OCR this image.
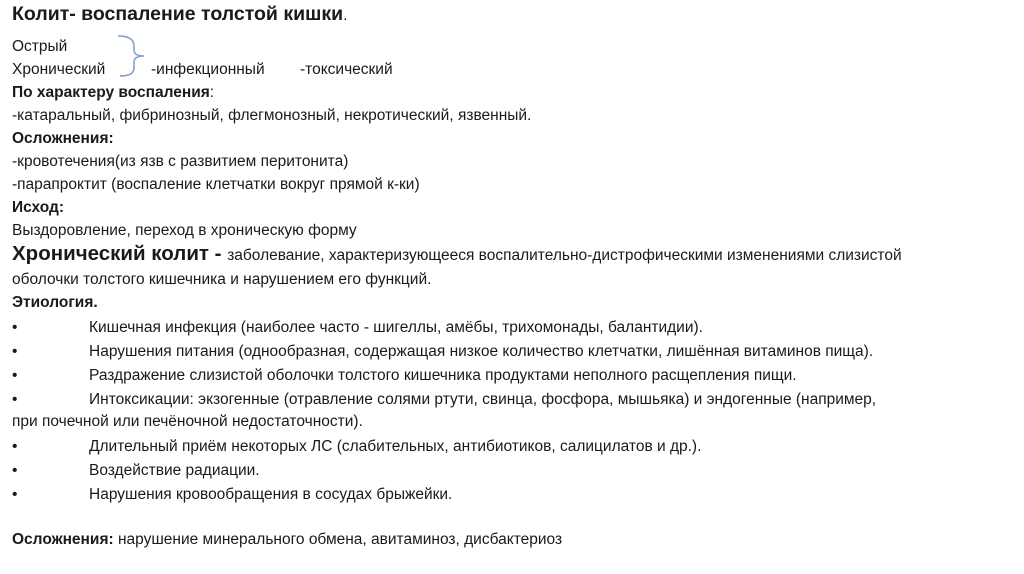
Колит- воспаление толстой кишки.
Острый
Хронический	-инфекционный -токсический
По характеру воспаления:
-катаральный, фибринозный, флегмонозный, некротический, язвенный.
Осложнения:
-кровотечения(из язв с развитием перитонита)
-парапроктит (воспаление клетчатки вокруг прямой к-ки)
Исход:
Выздоровление, переход в хроническую форму
Хронический колит - заболевание, характеризующееся воспалительно-дистрофическими изменениями слизистой
оболочки толстого кишечника и нарушением его функций.
Этиология.
•	Кишечная инфекция (наиболее часто - шигеллы, амёбы, трихомонады, балантидии).
•	Нарушения питания (однообразная, содержащая низкое количество клетчатки, лишённая витаминов пища).
•	Раздражение слизистой оболочки толстого кишечника продуктами неполного расщепления пищи.
•	Интоксикации: экзогенные (отравление солями ртути, свинца, фосфора, мышьяка) и эндогенные (например,
при почечной или печёночной недостаточности).
•	Длительный приём некоторых ЛС (слабительных, антибиотиков, салицилатов и др.).
•	Воздействие радиации.
•	Нарушения кровообращения в сосудах брыжейки.
Осложнения: нарушение минерального обмена, авитаминоз, дисбактериоз
